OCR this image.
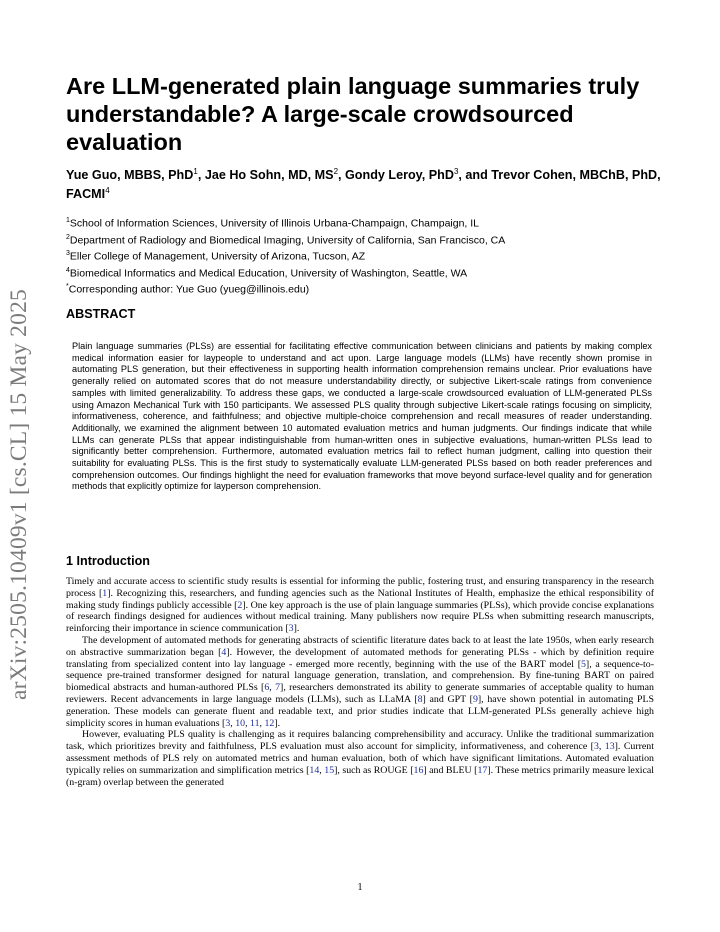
arXiv:2505.10409v1 [cs.CL] 15 May 2025
Are LLM-generated plain language summaries truly understandable? A large-scale crowdsourced evaluation
Yue Guo, MBBS, PhD$^1$, Jae Ho Sohn, MD, $MS^2$, Gondy Leroy, PhD$^3$, and Trevor Cohen, MBChB, PhD, FACMI$^4$
$^1$School of Information Sciences, University of Illinois Urbana-Champaign, Champaign, IL
$^2$Department of Radiology and Biomedical Imaging, University of California, San Francisco, CA
$^3$Eller College of Management, University of Arizona, Tucson, AZ
$^4$Biomedical Informatics and Medical Education, University of Washington, Seattle, WA
*Corresponding author: Yue Guo (yueg@illinois.edu)
ABSTRACT
Plain language summaries (PLSs) are essential for facilitating effective communication between clinicians and patients by making complex medical information easier for laypeople to understand and act upon. Large language models (LLMs) have recently shown promise in automating PLS generation, but their effectiveness in supporting health information comprehension remains unclear. Prior evaluations have generally relied on automated scores that do not measure understandability directly, or subjective Likert-scale ratings from convenience samples with limited generalizability. To address these gaps, we conducted a large-scale crowdsourced evaluation of LLM-generated PLSs using Amazon Mechanical Turk with 150 participants. We assessed PLS quality through subjective Likert-scale ratings focusing on simplicity, informativeness, coherence, and faithfulness; and objective multiple-choice comprehension and recall measures of reader understanding. Additionally, we examined the alignment between 10 automated evaluation metrics and human judgments. Our findings indicate that while LLMs can generate PLSs that appear indistinguishable from human-written ones in subjective evaluations, human-written PLSs lead to significantly better comprehension. Furthermore, automated evaluation metrics fail to reflect human judgment, calling into question their suitability for evaluating PLSs. This is the first study to systematically evaluate LLM-generated PLSs based on both reader preferences and comprehension outcomes. Our findings highlight the need for evaluation frameworks that move beyond surface-level quality and for generation methods that explicitly optimize for layperson comprehension.
1 Introduction

Timely and accurate access to scientific study results is essential for informing the public, fostering trust, and ensuring transparency in the research process [1]. Recognizing this, researchers, and funding agencies such as the National Institutes of Health, emphasize the ethical responsibility of making study findings publicly accessible [2]. One key approach is the use of plain language summaries (PLSs), which provide concise explanations of research findings designed for audiences without medical training. Many publishers now require PLSs when submitting research manuscripts, reinforcing their importance in science communication [3].

The development of automated methods for generating abstracts of scientific literature dates back to at least the late 1950s, when early research on abstractive summarization began [4]. However, the development of automated methods for generating PLSs - which by definition require translating from specialized content into lay language - emerged more recently, beginning with the use of the BART model [5], a sequence-to-sequence pre-trained transformer designed for natural language generation, translation, and comprehension. By fine-tuning BART on paired biomedical abstracts and human-authored PLSs [6, 7], researchers demonstrated its ability to generate summaries of acceptable quality to human reviewers. Recent advancements in large language models (LLMs), such as LLaMA [8] and GPT [9], have shown potential in automating PLS generation. These models can generate fluent and readable text, and prior studies indicate that LLM-generated PLSs generally achieve high simplicity scores in human evaluations [3, 10, 11, 12].

However, evaluating PLS quality is challenging as it requires balancing comprehensibility and accuracy. Unlike the traditional summarization task, which prioritizes brevity and faithfulness, PLS evaluation must also account for simplicity, informativeness, and coherence [3, 13]. Current assessment methods of PLS rely on automated metrics and human evaluation, both of which have significant limitations. Automated evaluation typically relies on summarization and simplification metrics [14, 15], such as ROUGE [16] and BLEU [17]. These metrics primarily measure lexical (n-gram) overlap between the generated

1
